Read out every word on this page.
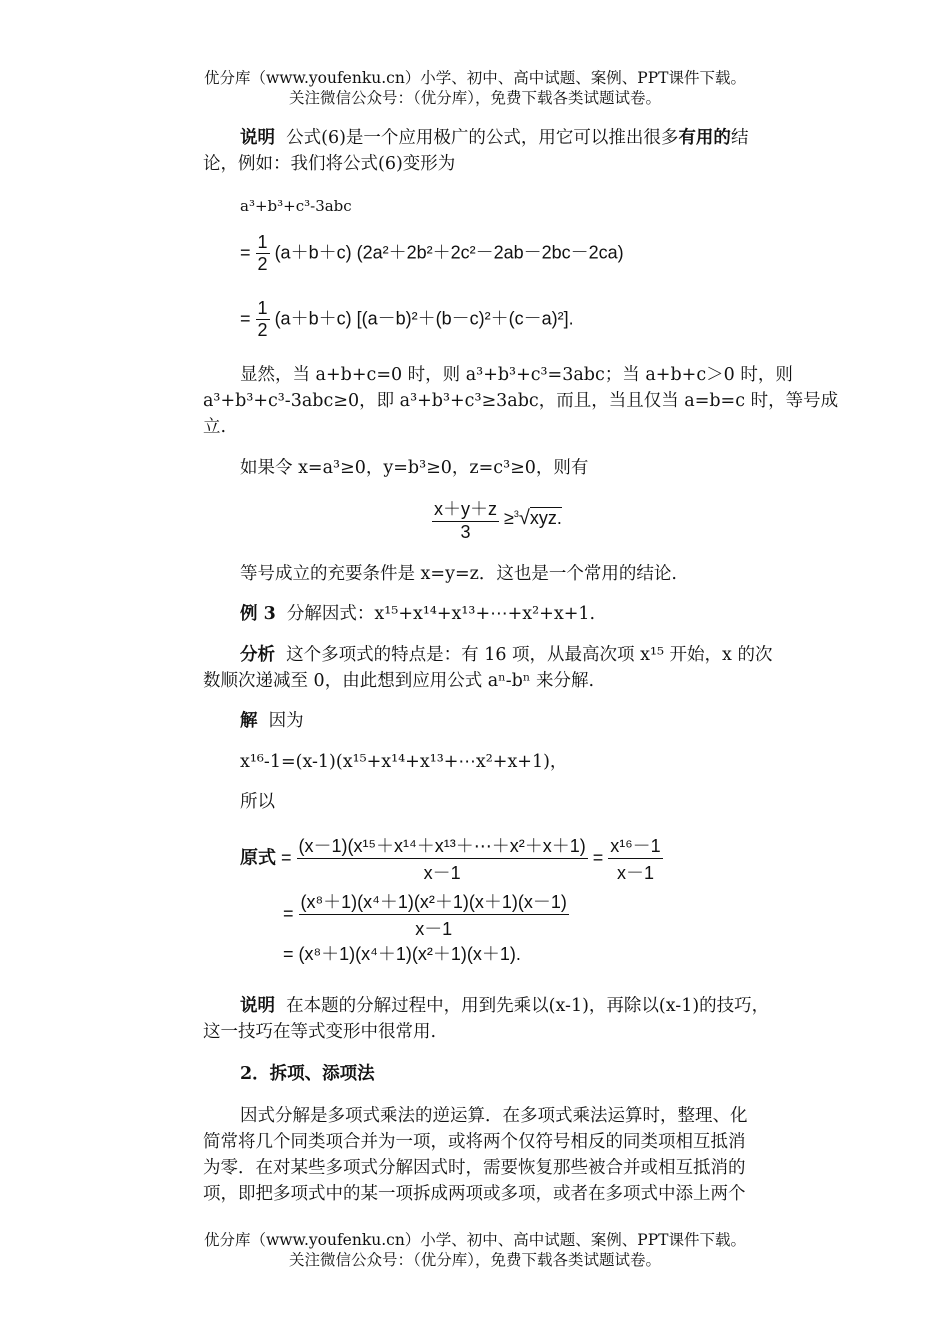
优分库（www.youfenku.cn）小学、初中、高中试题、案例、PPT课件下载。
关注微信公众号：（优分库），免费下载各类试题试卷。
说明 公式(6)是一个应用极广的公式，用它可以推出很多有用的结
论，例如：我们将公式(6)变形为
a³+b³+c³-3abc
= $\frac{1}{2} (a+b+c)$ (2a²＋2b²＋2c²－2ab－2bc－2ca)
= $\frac{1}{2} (a+b+c)$ [(a－b)²＋(b－c)²＋(c－a)²].
显然，当 a+b+c=0 时，则 a³+b³+c³=3abc；当 a+b+c＞0 时，则
a³+b³+c³-3abc≥0，即 a³+b³+c³≥3abc，而且，当且仅当 a=b=c 时，等号成
立.
如果令 x=a³≥0，y=b³≥0，z=c³≥0，则有
$\frac{x+y+z}{3} \ge^3√xyz$.
等号成立的充要条件是 x=y=z．这也是一个常用的结论.
例 3 分解因式：x¹⁵+x¹⁴+x¹³+⋯+x²+x+1.
分析 这个多项式的特点是：有 16 项，从最高次项 x¹⁵ 开始，x 的次
数顺次递减至 0，由此想到应用公式 aⁿ-bⁿ 来分解.
解 因为
x¹⁶-1=(x-1)(x¹⁵+x¹⁴+x¹³+⋯x²+x+1)，
所以
原式 = $\frac{\text{(x－1)(x¹⁵＋x¹⁴＋x¹³＋⋯＋x²＋x＋1)}}{x-1} = \frac{\text{x¹⁶－1}}{x-1}$
= $\frac{\text{(x⁸＋1)(x⁴＋1)(x²＋1)(x＋1)(x－1)}}{x-1}$
= (x⁸＋1)(x⁴＋1)(x²＋1)(x＋1).
说明 在本题的分解过程中，用到先乘以(x-1)，再除以(x-1)的技巧，
这一技巧在等式变形中很常用.
2．拆项、添项法
因式分解是多项式乘法的逆运算．在多项式乘法运算时，整理、化
简常将几个同类项合并为一项，或将两个仅符号相反的同类项相互抵消
为零．在对某些多项式分解因式时，需要恢复那些被合并或相互抵消的
项，即把多项式中的某一项拆成两项或多项，或者在多项式中添上两个
优分库（www.youfenku.cn）小学、初中、高中试题、案例、PPT课件下载。
关注微信公众号：（优分库），免费下载各类试题试卷。
